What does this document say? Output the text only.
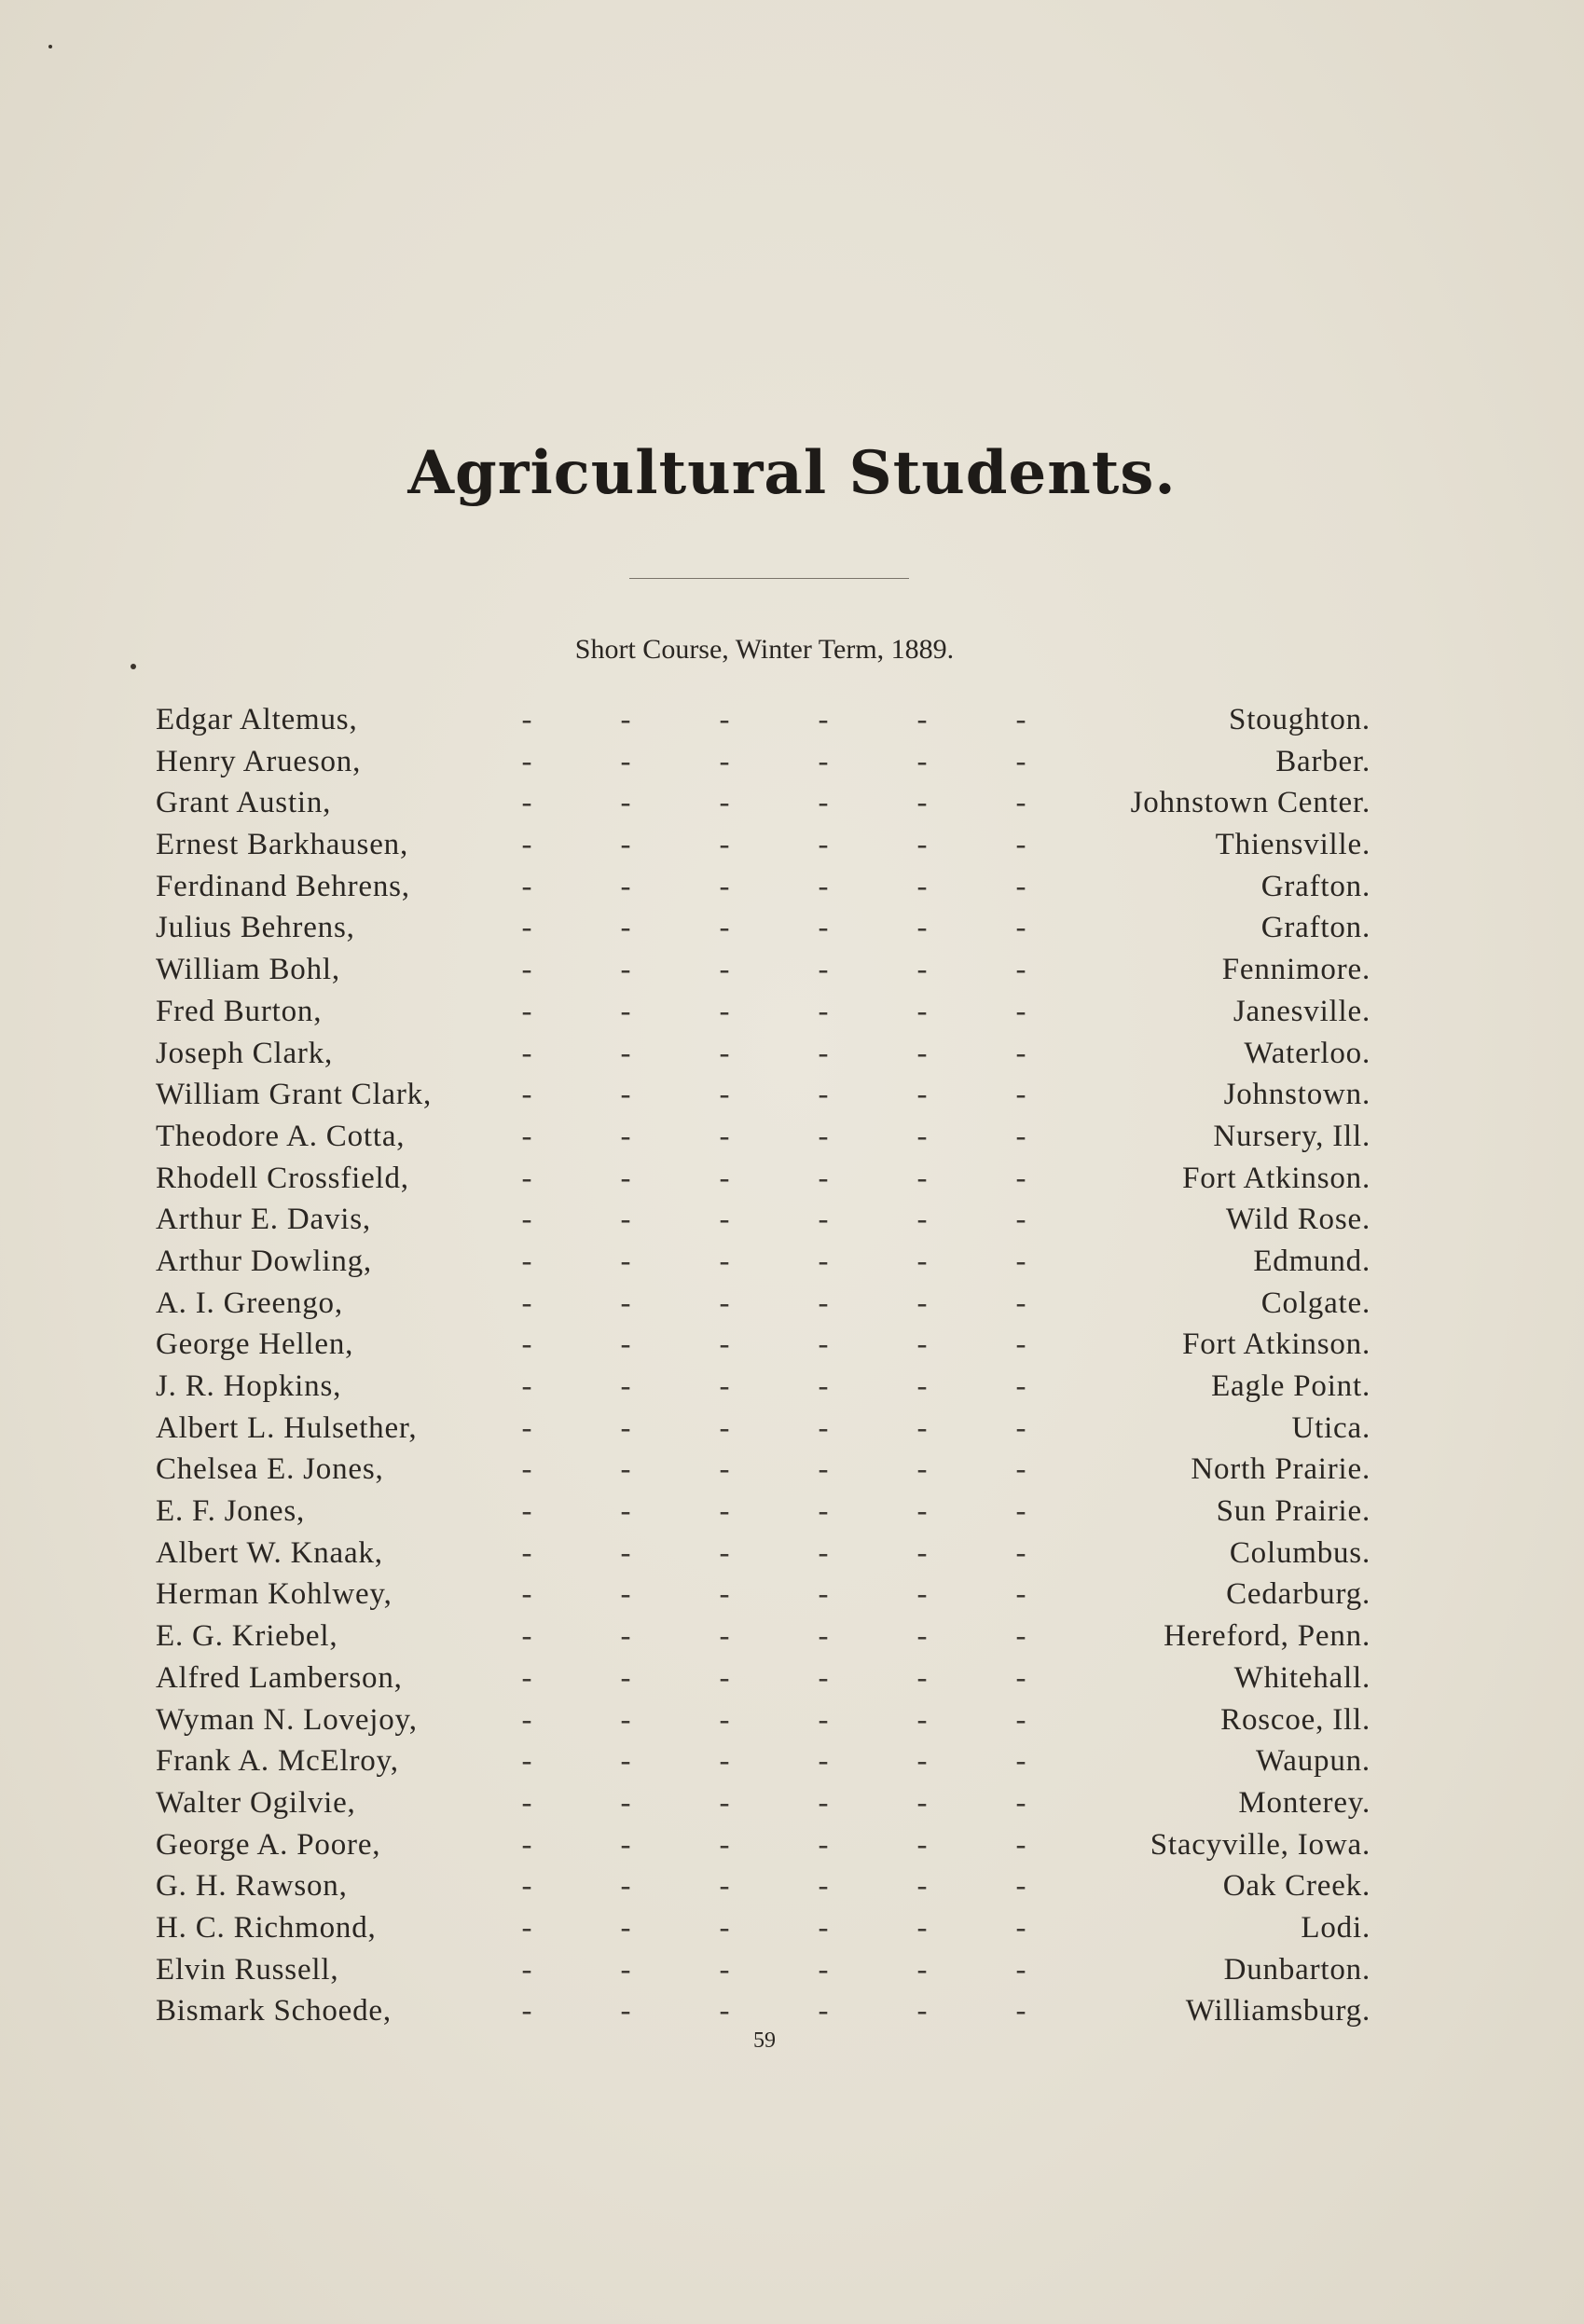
Agricultural Students.
Short Course, Winter Term, 1889.
Edgar Altemus,	-	-	-	-	-	-	Stoughton.
Henry Arueson,	-	-	-	-	-	-	Barber.
Grant Austin,	-	-	-	-	-	-	Johnstown Center.
Ernest Barkhausen,	-	-	-	-	-	-	Thiensville.
Ferdinand Behrens,	-	-	-	-	-	-	Grafton.
Julius Behrens,	-	-	-	-	-	-	Grafton.
William Bohl,	-	-	-	-	-	-	Fennimore.
Fred Burton,	-	-	-	-	-	-	Janesville.
Joseph Clark,	-	-	-	-	-	-	Waterloo.
William Grant Clark,	-	-	-	-	-	-	Johnstown.
Theodore A. Cotta,	-	-	-	-	-	-	Nursery, Ill.
Rhodell Crossfield,	-	-	-	-	-	-	Fort Atkinson.
Arthur E. Davis,	-	-	-	-	-	-	Wild Rose.
Arthur Dowling,	-	-	-	-	-	-	Edmund.
A. I. Greengo,	-	-	-	-	-	-	Colgate.
George Hellen,	-	-	-	-	-	-	Fort Atkinson.
J. R. Hopkins,	-	-	-	-	-	-	Eagle Point.
Albert L. Hulsether,	-	-	-	-	-	-	Utica.
Chelsea E. Jones,	-	-	-	-	-	-	North Prairie.
E. F. Jones,	-	-	-	-	-	-	Sun Prairie.
Albert W. Knaak,	-	-	-	-	-	-	Columbus.
Herman Kohlwey,	-	-	-	-	-	-	Cedarburg.
E. G. Kriebel,	-	-	-	-	-	-	Hereford, Penn.
Alfred Lamberson,	-	-	-	-	-	-	Whitehall.
Wyman N. Lovejoy,	-	-	-	-	-	-	Roscoe, Ill.
Frank A. McElroy,	-	-	-	-	-	-	Waupun.
Walter Ogilvie,	-	-	-	-	-	-	Monterey.
George A. Poore,	-	-	-	-	-	-	Stacyville, Iowa.
G. H. Rawson,	-	-	-	-	-	-	Oak Creek.
H. C. Richmond,	-	-	-	-	-	-	Lodi.
Elvin Russell,	-	-	-	-	-	-	Dunbarton.
Bismark Schoede,	-	-	-	-	-	-	Williamsburg.
59
